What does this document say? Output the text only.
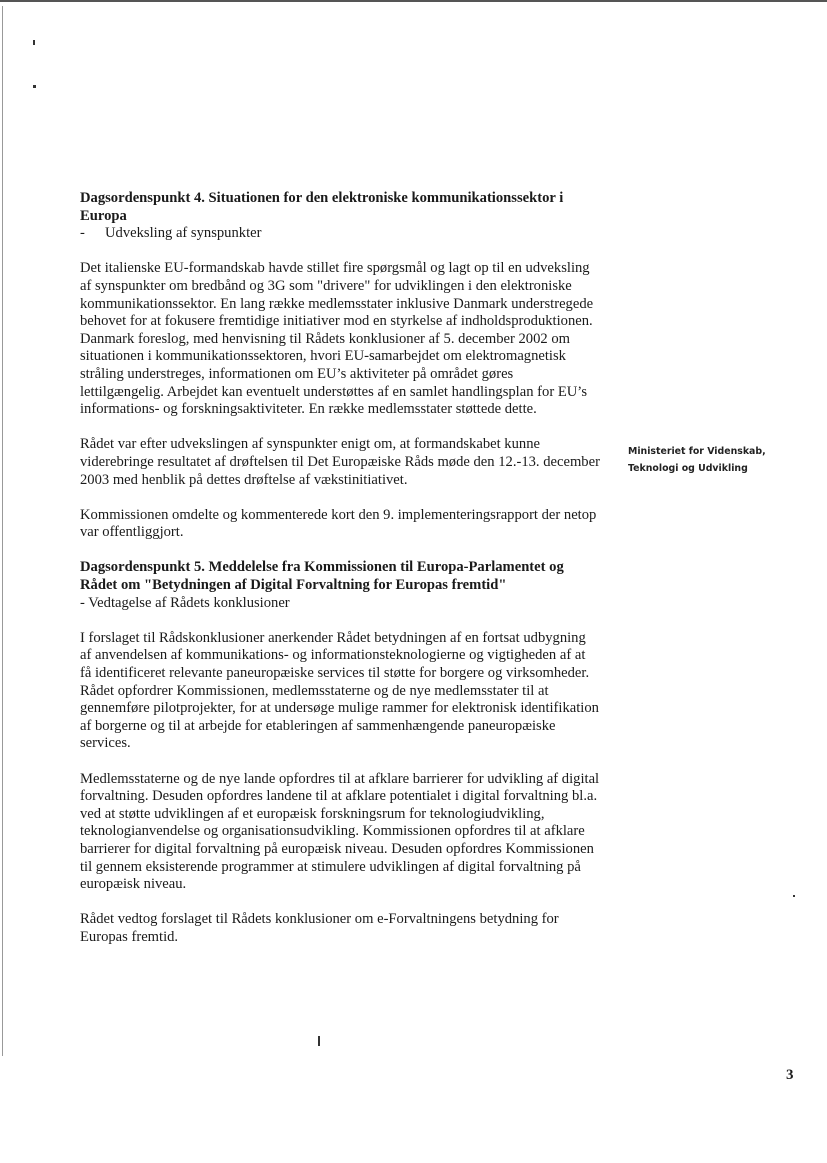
Dagsordenspunkt 4. Situationen for den elektroniske kommunikationssektor i Europa

- Udveksling af synspunkter

Det italienske EU-formandskab havde stillet fire spørgsmål og lagt op til en udveksling af synspunkter om bredbånd og 3G som "drivere" for udviklingen i den elektroniske kommunikationssektor. En lang række medlemsstater inklusive Danmark understregede behovet for at fokusere fremtidige initiativer mod en styrkelse af indholdsproduktionen. Danmark foreslog, med henvisning til Rådets konklusioner af 5. december 2002 om situationen i kommunikationssektoren, hvori EU-samarbejdet om elektromagnetisk stråling understreges, informationen om EU’s aktiviteter på området gøres lettilgængelig. Arbejdet kan eventuelt understøttes af en samlet handlingsplan for EU’s informations- og forskningsaktiviteter. En række medlemsstater støttede dette.

Rådet var efter udvekslingen af synspunkter enigt om, at formandskabet kunne viderebringe resultatet af drøftelsen til Det Europæiske Råds møde den 12.-13. december 2003 med henblik på dettes drøftelse af vækstinitiativet.

Kommissionen omdelte og kommenterede kort den 9. implementeringsrapport der netop var offentliggjort.

Dagsordenspunkt 5. Meddelelse fra Kommissionen til Europa-Parlamentet og Rådet om "Betydningen af Digital Forvaltning for Europas fremtid"

- Vedtagelse af Rådets konklusioner

I forslaget til Rådskonklusioner anerkender Rådet betydningen af en fortsat udbygning af anvendelsen af kommunikations- og informationsteknologierne og vigtigheden af at få identificeret relevante paneuropæiske services til støtte for borgere og virksomheder. Rådet opfordrer Kommissionen, medlemsstaterne og de nye medlemsstater til at gennemføre pilotprojekter, for at undersøge mulige rammer for elektronisk identifikation af borgerne og til at arbejde for etableringen af sammenhængende paneuropæiske services.

Medlemsstaterne og de nye lande opfordres til at afklare barrierer for udvikling af digital forvaltning. Desuden opfordres landene til at afklare potentialet i digital forvaltning bl.a. ved at støtte udviklingen af et europæisk forskningsrum for teknologiudvikling, teknologianvendelse og organisationsudvikling. Kommissionen opfordres til at afklare barrierer for digital forvaltning på europæisk niveau. Desuden opfordres Kommissionen til gennem eksisterende programmer at stimulere udviklingen af digital forvaltning på europæisk niveau.

Rådet vedtog forslaget til Rådets konklusioner om e-Forvaltningens betydning for Europas fremtid.

Ministeriet for Videnskab,
Teknologi og Udvikling
3
